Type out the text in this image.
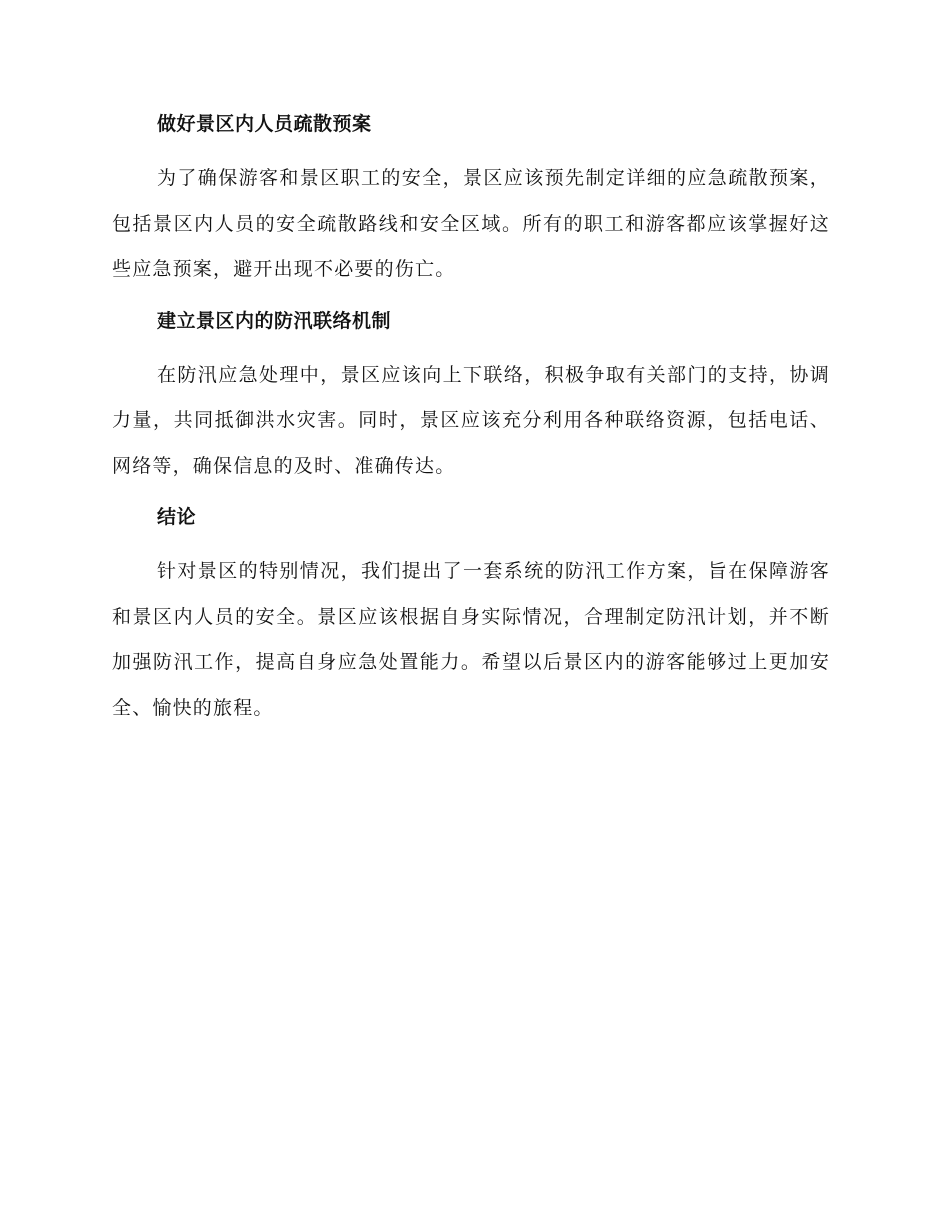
做好景区内人员疏散预案

为了确保游客和景区职工的安全，景区应该预先制定详细的应急疏散预案，包括景区内人员的安全疏散路线和安全区域。所有的职工和游客都应该掌握好这些应急预案，避开出现不必要的伤亡。

建立景区内的防汛联络机制

在防汛应急处理中，景区应该向上下联络，积极争取有关部门的支持，协调力量，共同抵御洪水灾害。同时，景区应该充分利用各种联络资源，包括电话、网络等，确保信息的及时、准确传达。

结论

针对景区的特别情况，我们提出了一套系统的防汛工作方案，旨在保障游客和景区内人员的安全。景区应该根据自身实际情况，合理制定防汛计划，并不断加强防汛工作，提高自身应急处置能力。希望以后景区内的游客能够过上更加安全、愉快的旅程。
